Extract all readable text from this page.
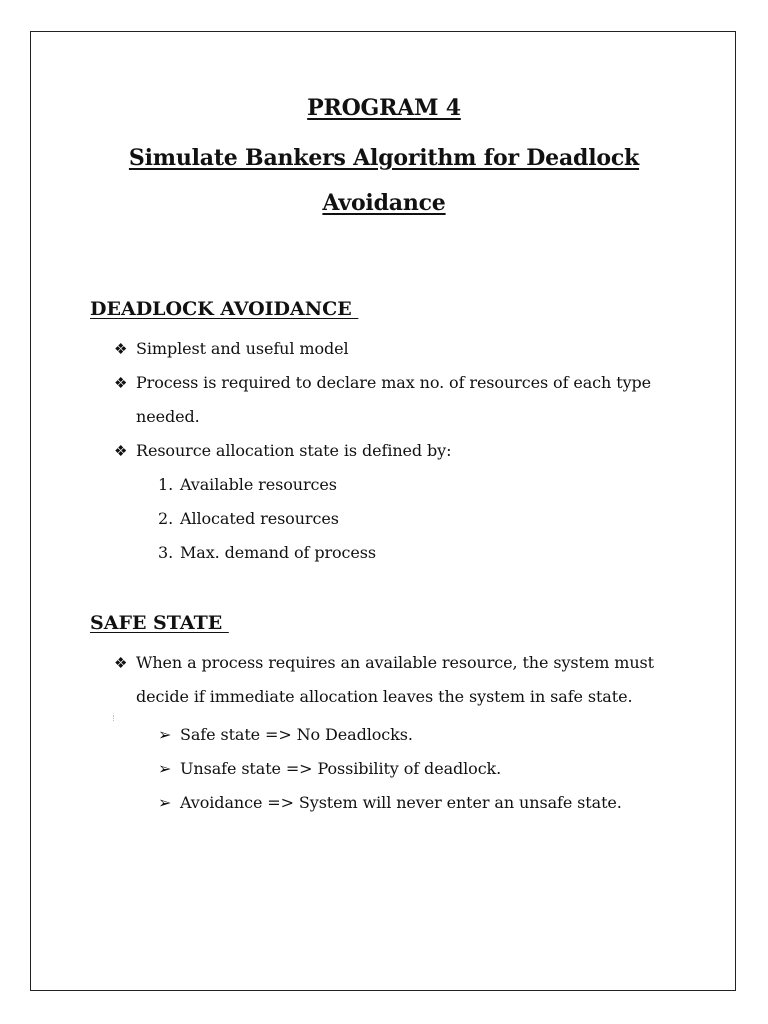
PROGRAM 4
Simulate Bankers Algorithm for Deadlock
Avoidance
DEADLOCK AVOIDANCE
❖ Simplest and useful model
❖ Process is required to declare max no. of resources of each type
needed.
❖ Resource allocation state is defined by:
1. Available resources
2. Allocated resources
3. Max. demand of process
SAFE STATE
❖ When a process requires an available resource, the system must
decide if immediate allocation leaves the system in safe state.
➢ Safe state => No Deadlocks.
➢ Unsafe state => Possibility of deadlock.
➢ Avoidance => System will never enter an unsafe state.
